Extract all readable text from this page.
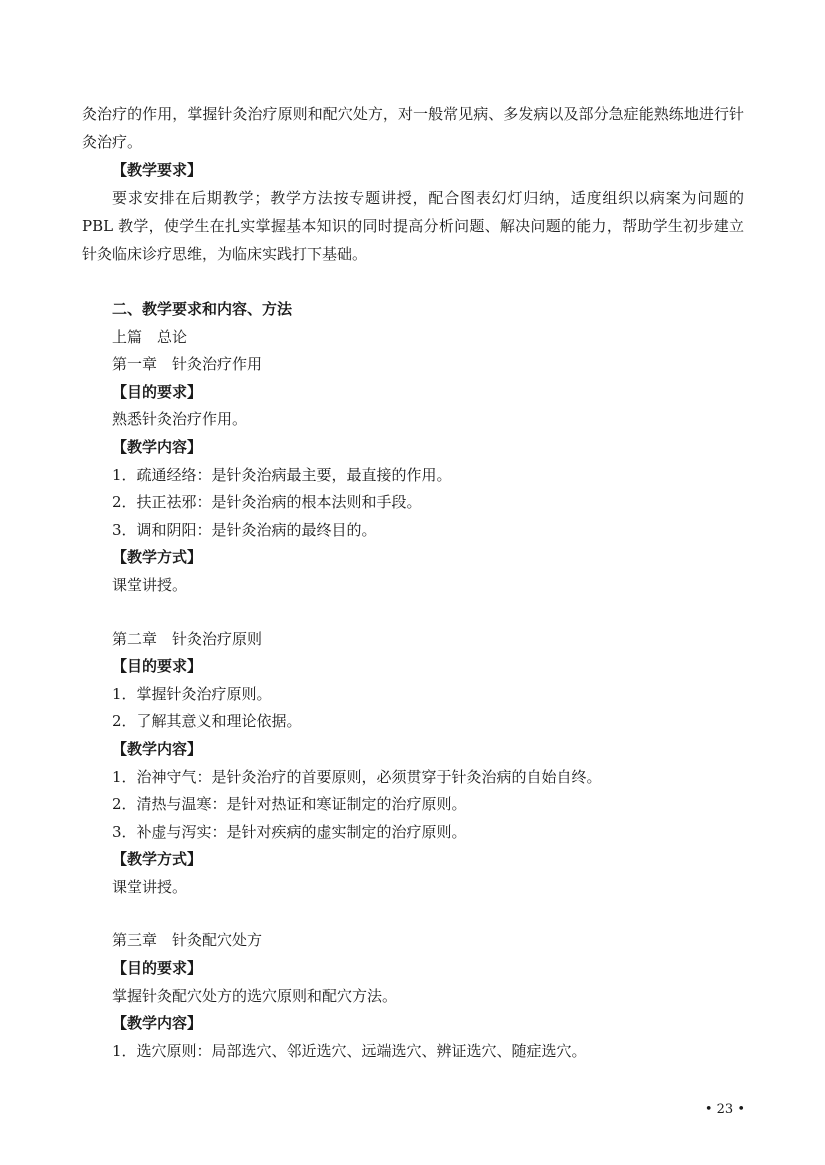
灸治疗的作用，掌握针灸治疗原则和配穴处方，对一般常见病、多发病以及部分急症能熟练地进行针灸治疗。

【教学要求】

要求安排在后期教学；教学方法按专题讲授，配合图表幻灯归纳，适度组织以病案为问题的 PBL 教学，使学生在扎实掌握基本知识的同时提高分析问题、解决问题的能力，帮助学生初步建立针灸临床诊疗思维，为临床实践打下基础。

二、教学要求和内容、方法

上篇　总论

第一章　针灸治疗作用

【目的要求】

熟悉针灸治疗作用。

【教学内容】

1．疏通经络：是针灸治病最主要，最直接的作用。

2．扶正祛邪：是针灸治病的根本法则和手段。

3．调和阴阳：是针灸治病的最终目的。

【教学方式】

课堂讲授。

第二章　针灸治疗原则

【目的要求】

1．掌握针灸治疗原则。

2．了解其意义和理论依据。

【教学内容】

1．治神守气：是针灸治疗的首要原则，必须贯穿于针灸治病的自始自终。

2．清热与温寒：是针对热证和寒证制定的治疗原则。

3．补虚与泻实：是针对疾病的虚实制定的治疗原则。

【教学方式】

课堂讲授。

第三章　针灸配穴处方

【目的要求】

掌握针灸配穴处方的选穴原则和配穴方法。

【教学内容】

1．选穴原则：局部选穴、邻近选穴、远端选穴、辨证选穴、随症选穴。

• 23 •
